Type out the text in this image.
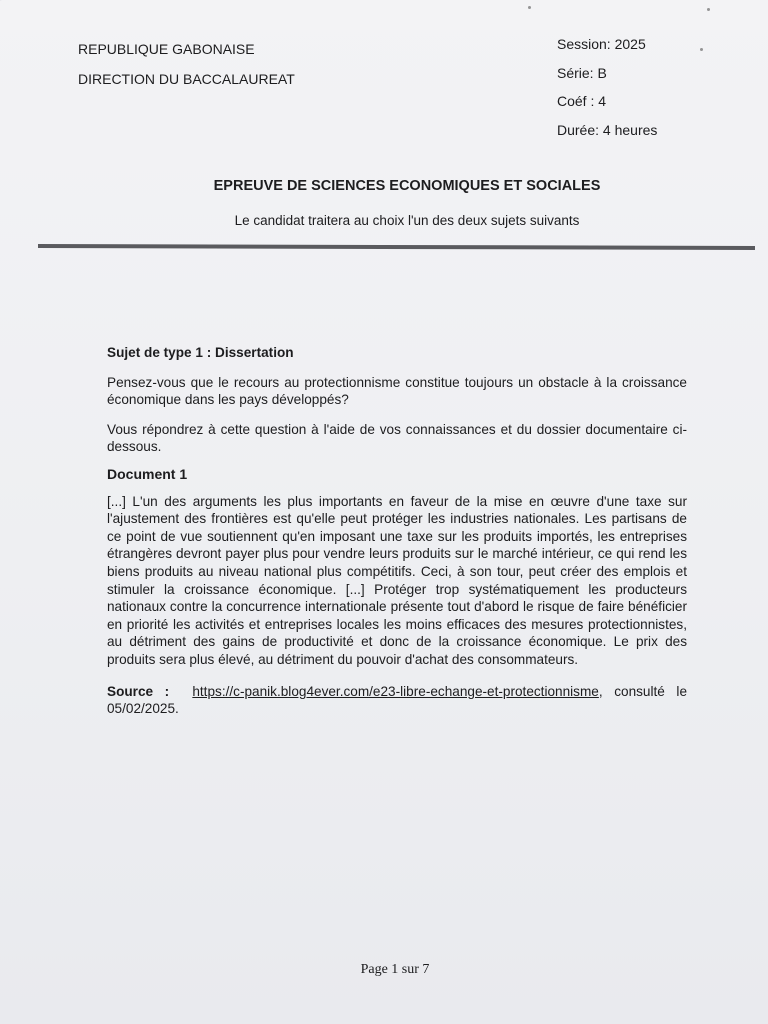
REPUBLIQUE GABONAISE
DIRECTION DU BACCALAUREAT
Session: 2025
Série: B
Coéf : 4
Durée: 4 heures
EPREUVE DE SCIENCES ECONOMIQUES ET SOCIALES
Le candidat traitera au choix l'un des deux sujets suivants

Sujet de type 1 : Dissertation

Pensez-vous que le recours au protectionnisme constitue toujours un obstacle à la croissance économique dans les pays développés?

Vous répondrez à cette question à l'aide de vos connaissances et du dossier documentaire ci-dessous.

Document 1

[...] L'un des arguments les plus importants en faveur de la mise en œuvre d'une taxe sur l'ajustement des frontières est qu'elle peut protéger les industries nationales. Les partisans de ce point de vue soutiennent qu'en imposant une taxe sur les produits importés, les entreprises étrangères devront payer plus pour vendre leurs produits sur le marché intérieur, ce qui rend les biens produits au niveau national plus compétitifs. Ceci, à son tour, peut créer des emplois et stimuler la croissance économique. [...] Protéger trop systématiquement les producteurs nationaux contre la concurrence internationale présente tout d'abord le risque de faire bénéficier en priorité les activités et entreprises locales les moins efficaces des mesures protectionnistes, au détriment des gains de productivité et donc de la croissance économique. Le prix des produits sera plus élevé, au détriment du pouvoir d'achat des consommateurs.

Source : https://c-panik.blog4ever.com/e23-libre-echange-et-protectionnisme, consulté le 05/02/2025.

Page 1 sur 7
